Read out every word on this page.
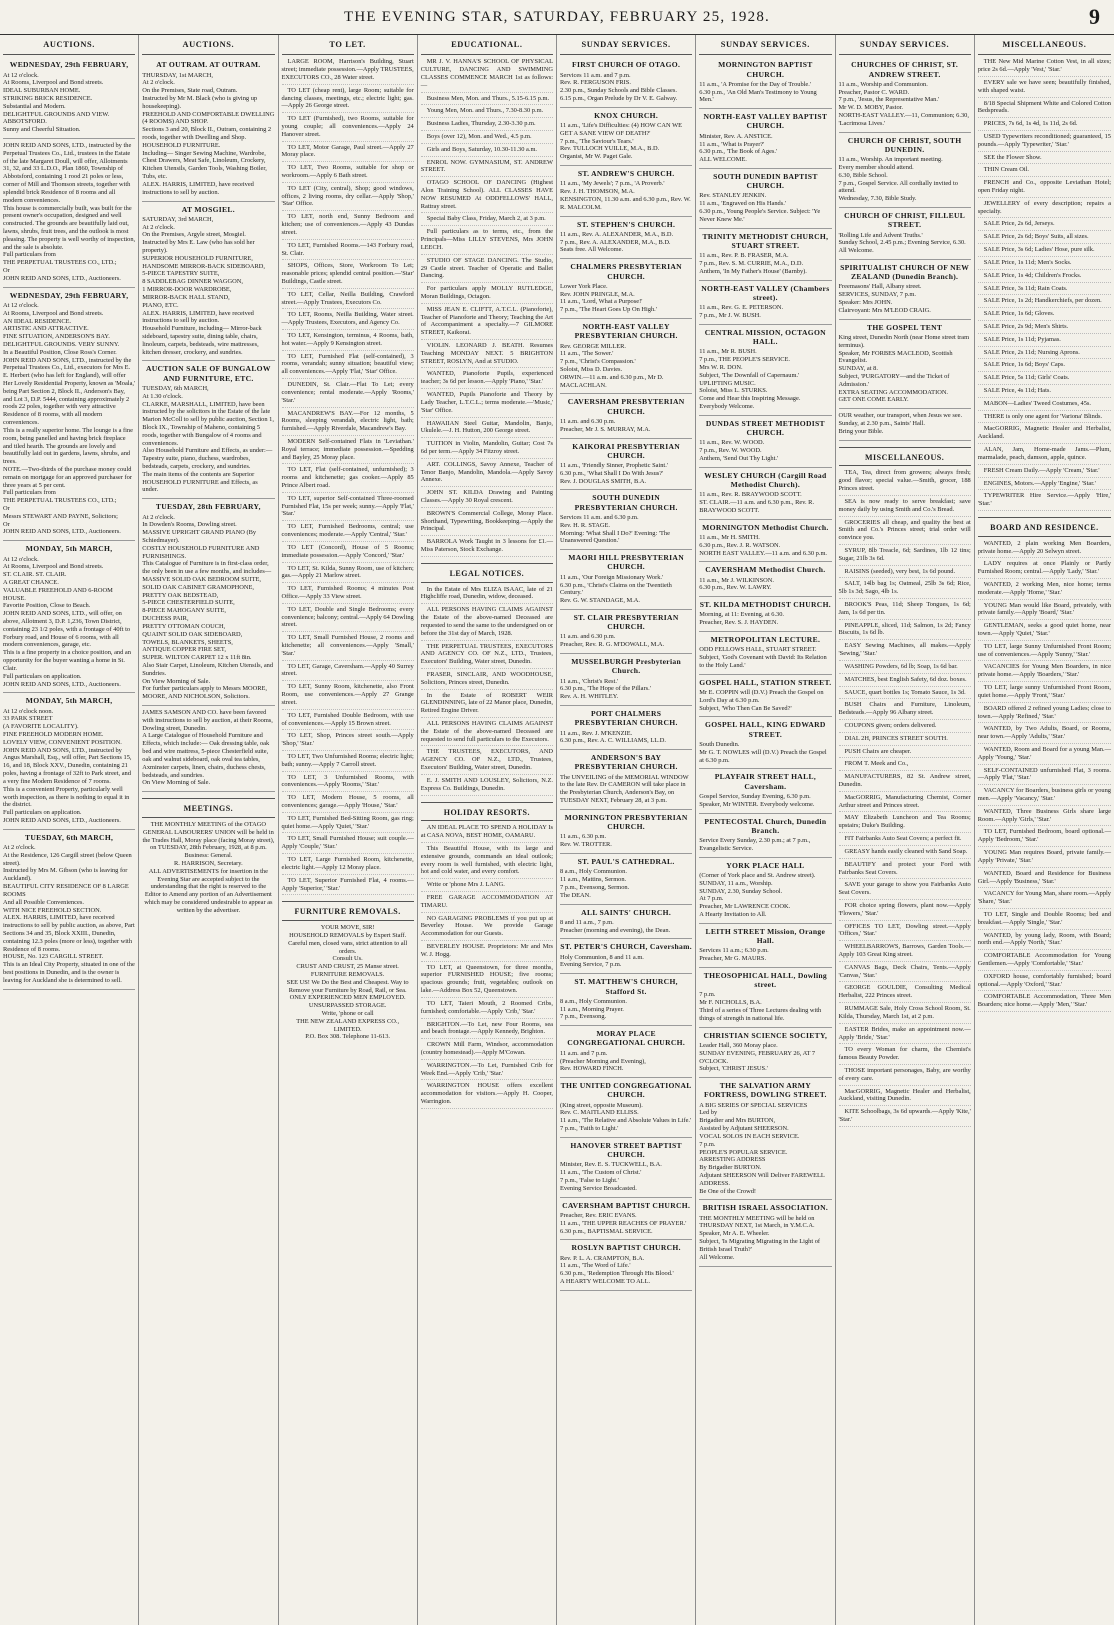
THE EVENING STAR, SATURDAY, FEBRUARY 25, 1928.	9
AUCTIONS.
WEDNESDAY, 29th FEBRUARY,

At 12 o'clock.

At Rooms, Liverpool and Bond streets.

IDEAL SUBURBAN HOME.

STRIKING BRICK RESIDENCE.

Substantial and Modern.

DELIGHTFUL GROUNDS AND VIEW.

ABBOTSFORD.

Sunny and Cheerful Situation.

JOHN REID AND SONS, LTD., instructed by the Perpetual Trustees Co., Ltd., trustees in the Estate of the late Margaret Doull, will offer, Allotments 31, 32, and 33 L.D.O., Plan 1860, Township of Abbotsford, containing 1 rood 21 poles or less, corner of Mill and Thomson streets, together with splendid brick Residence of 8 rooms and all modern conveniences.

This house is commercially built, was built for the present owner's occupation, designed and well constructed. The grounds are beautifully laid out, lawns, shrubs, fruit trees, and the outlook is most pleasing. The property is well worthy of inspection, and the sale is absolute.

Full particulars from

THE PERPETUAL TRUSTEES CO., LTD.;

Or

JOHN REID AND SONS, LTD., Auctioneers.

WEDNESDAY, 29th FEBRUARY,

At 12 o'clock.

At Rooms, Liverpool and Bond streets.

AN IDEAL RESIDENCE.

ARTISTIC AND ATTRACTIVE.

FINE SITUATION, ANDERSON'S BAY.

DELIGHTFUL GROUNDS. VERY SUNNY.

In a Beautiful Position, Close Ross's Corner.

JOHN REID AND SONS, LTD., instructed by the Perpetual Trustees Co., Ltd., executors for Mrs E. E. Herbert (who has left for England), will offer Her Lovely Residential Property, known as 'Moala,' being Part Section 2, Block II., Anderson's Bay, and Lot 3, D.P. 5444, containing approximately 2 roods 22 poles, together with very attractive Residence of 8 rooms, with all modern conveniences.

This is a really superior home. The lounge is a fine room, being panelled and having brick fireplace and tiled hearth. The grounds are lovely and beautifully laid out in gardens, lawns, shrubs, and trees.

NOTE.—Two-thirds of the purchase money could remain on mortgage for an approved purchaser for three years at 5 per cent.

Full particulars from

THE PERPETUAL TRUSTEES CO., LTD.;

Or

Messrs STEWART AND PAYNE, Solicitors;

Or

JOHN REID AND SONS, LTD., Auctioneers.

MONDAY, 5th MARCH,

At 12 o'clock.

At Rooms, Liverpool and Bond streets.

ST. CLAIR. ST. CLAIR.

A GREAT CHANCE.

VALUABLE FREEHOLD AND 6-ROOM HOUSE.

Favorite Position, Close to Beach.

JOHN REID AND SONS, LTD., will offer, on above, Allotment 3, D.P. 1,236, Town District, containing 23 1/2 poles, with a frontage of 40ft to Forbury road, and House of 6 rooms, with all modern conveniences, garage, etc.

This is a fine property in a choice position, and an opportunity for the buyer wanting a home in St. Clair.

Full particulars on application.

JOHN REID AND SONS, LTD., Auctioneers.

MONDAY, 5th MARCH,

At 12 o'clock noon.

33 PARK STREET

(A FAVORITE LOCALITY).

FINE FREEHOLD MODERN HOME.

LOVELY VIEW, CONVENIENT POSITION.

JOHN REID AND SONS, LTD., instructed by Angus Marshall, Esq., will offer, Part Sections 15, 16, and 18, Block XXV., Dunedin, containing 21 poles, having a frontage of 32ft to Park street, and a very fine Modern Residence of 7 rooms.

This is a convenient Property, particularly well worth inspection, as there is nothing to equal it in the district.

Full particulars on application.

JOHN REID AND SONS, LTD., Auctioneers.

TUESDAY, 6th MARCH,

At 2 o'clock.

At the Residence, 126 Cargill street (below Queen street).

Instructed by Mrs M. Gibson (who is leaving for Auckland).

BEAUTIFUL CITY RESIDENCE OF 8 LARGE ROOMS

And all Possible Conveniences.

WITH NICE FREEHOLD SECTION.

ALEX. HARRIS, LIMITED, have received instructions to sell by public auction, as above, Part Sections 34 and 35, Block XXIII., Dunedin, containing 12.3 poles (more or less), together with Residence of 8 rooms.

HOUSE, No. 123 CARGILL STREET.

This is an Ideal City Property, situated in one of the best positions in Dunedin, and is the owner is leaving for Auckland she is determined to sell.

AUCTIONS.
AT OUTRAM. AT OUTRAM.

THURSDAY, 1st MARCH,

At 2 o'clock.

On the Premises, State road, Outram.

Instructed by Mr M. Black (who is giving up housekeeping).

FREEHOLD AND COMFORTABLE DWELLING (4 ROOMS) AND SHOP.

Sections 3 and 20, Block II., Outram, containing 2 roods, together with Dwelling and Shop.

HOUSEHOLD FURNITURE.

Including— Singer Sewing Machine, Wardrobe, Chest Drawers, Meat Safe, Linoleum, Crockery, Kitchen Utensils, Garden Tools, Washing Boiler, Tubs, etc.

ALEX. HARRIS, LIMITED, have received instructions to sell by auction.

AT MOSGIEL.

SATURDAY, 3rd MARCH,

At 2 o'clock.

On the Premises, Argyle street, Mosgiel.

Instructed by Mrs E. Law (who has sold her property).

SUPERIOR HOUSEHOLD FURNITURE,

HANDSOME MIRROR-BACK SIDEBOARD,

5-PIECE TAPESTRY SUITE,

8 SADDLEBAG DINNER WAGGON,

1 MIRROR-DOOR WARDROBE,

MIRROR-BACK HALL STAND,

PIANO, ETC.

ALEX. HARRIS, LIMITED, have received instructions to sell by auction.

Household Furniture, including— Mirror-back sideboard, tapestry suite, dining table, chairs, linoleum, carpets, bedsteads, wire mattresses, kitchen dresser, crockery, and sundries.

AUCTION SALE OF BUNGALOW AND FURNITURE, ETC.

TUESDAY, 6th MARCH,

At 1.30 o'clock.

CLARKE, MARSHALL, LIMITED, have been instructed by the solicitors in the Estate of the late Marion McColl to sell by public auction, Section 1, Block IX., Township of Maheno, containing 5 roods, together with Bungalow of 4 rooms and conveniences.

Also Household Furniture and Effects, as under:— Tapestry suite, piano, duchess, wardrobes, bedsteads, carpets, crockery, and sundries.

The main items of the contents are Superior HOUSEHOLD FURNITURE and Effects, as under.

TUESDAY, 28th FEBRUARY,

At 2 o'clock.

In Dowden's Rooms, Dowling street.

MASSIVE UPRIGHT GRAND PIANO (By Schiedmayer).

COSTLY HOUSEHOLD FURNITURE AND FURNISHINGS.

This Catalogue of Furniture is in first-class order, the only been in use a few months, and includes—

MASSIVE SOLID OAK BEDROOM SUITE,

SOLID OAK CABINET GRAMOPHONE,

PRETTY OAK BEDSTEAD,

5-PIECE CHESTERFIELD SUITE,

8-PIECE MAHOGANY SUITE,

DUCHESS PAIR,

PRETTY OTTOMAN COUCH,

QUAINT SOLID OAK SIDEBOARD,

TOWELS, BLANKETS, SHEETS,

ANTIQUE COPPER FIRE SET,

SUPER. WILTON CARPET 12 x 11ft 8in.

Also Stair Carpet, Linoleum, Kitchen Utensils, and Sundries.

On View Morning of Sale.

For further particulars apply to Messrs MOORE, MOORE, AND NICHOLSON, Solicitors.

JAMES SAMSON AND CO. have been favored with instructions to sell by auction, at their Rooms, Dowling street, Dunedin.

A Large Catalogue of Household Furniture and Effects, which include:— Oak dressing table, oak bed and wire mattress, 5-piece Chesterfield suite, oak and walnut sideboard, oak oval tea tables, Axminster carpets, linen, chairs, duchess chests, bedsteads, and sundries.

On View Morning of Sale.

MEETINGS.

THE MONTHLY MEETING of the OTAGO GENERAL LABOURERS' UNION will be held in the Trades Hall, Moray place (facing Moray street), on TUESDAY, 28th February, 1928, at 8 p.m.

Business: General.

R. HARRISON, Secretary.

ALL ADVERTISEMENTS for insertion in the Evening Star are accepted subject to the understanding that the right is reserved to the Editor to Amend any portion of an Advertisement which may be considered undesirable to appear as written by the advertiser.

TO LET.

LARGE ROOM, Harrison's Building, Stuart street; immediate possession.—Apply TRUSTEES, EXECUTORS CO., 28 Water street.

TO LET (cheap rent), large Room; suitable for dancing classes, meetings, etc.; electric light; gas.—Apply 26 George street.

TO LET (Furnished), two Rooms, suitable for young couple; all conveniences.—Apply 24 Hanover street.

TO LET, Motor Garage, Paul street.—Apply 27 Moray place.

TO LET, Two Rooms, suitable for shop or workroom.—Apply 6 Bath street.

TO LET (City, central), Shop; good windows, offices, 2 living rooms, dry cellar.—Apply 'Shop,' 'Star' Office.

TO LET, north end, Sunny Bedroom and kitchen; use of conveniences.—Apply 43 Dundas street.

TO LET, Furnished Rooms.—143 Forbury road, St. Clair.

SHOPS, Offices, Store, Workroom To Let; reasonable prices; splendid central position.—'Star' Buildings, Castle street.

TO LET, Cellar, Neilla Building, Crawford street.—Apply Trustees, Executors Co.

TO LET, Rooms, Neilla Building, Water street.—Apply Trustees, Executors, and Agency Co.

TO LET, Kensington, terminus, 4 Rooms, bath, hot water.—Apply 9 Kensington street.

TO LET, Furnished Flat (self-contained), 3 rooms, verandah; sunny situation; beautiful view; all conveniences.—Apply 'Flat,' 'Star' Office.

DUNEDIN, St. Clair.—Flat To Let; every convenience; rental moderate.—Apply 'Rooms,' 'Star.'

MACANDREW'S BAY.—For 12 months, 5 Rooms, sleeping verandah, electric light, bath; furnished.—Apply Riverdale, Macandrew's Bay.

MODERN Self-contained Flats in 'Leviathan.' Royal terrace; immediate possession.—Spedding and Bayley, 25 Moray place.

TO LET, Flat (self-contained, unfurnished); 3 rooms and kitchenette; gas cooker.—Apply 85 Prince Albert road.

TO LET, superior Self-contained Three-roomed Furnished Flat, 15s per week; sunny.—Apply 'Flat,' 'Star.'

TO LET, Furnished Bedrooms, central; use conveniences; moderate.—Apply 'Central,' 'Star.'

TO LET (Concord), House of 5 Rooms; immediate possession.—Apply 'Concord,' 'Star.'

TO LET, St. Kilda, Sunny Room, use of kitchen; gas.—Apply 21 Marlow street.

TO LET, Furnished Rooms; 4 minutes Post Office.—Apply 33 View street.

TO LET, Double and Single Bedrooms; every convenience; balcony; central.—Apply 64 Dowling street.

TO LET, Small Furnished House, 2 rooms and kitchenette; all conveniences.—Apply 'Small,' 'Star.'

TO LET, Garage, Caversham.—Apply 40 Surrey street.

TO LET, Sunny Room, kitchenette, also Front Room, use conveniences.—Apply 27 Grange street.

TO LET, Furnished Double Bedroom, with use of conveniences.—Apply 15 Brown street.

TO LET, Shop, Princes street south.—Apply 'Shop,' 'Star.'

TO LET, Two Unfurnished Rooms; electric light; bath; sunny.—Apply 7 Carroll street.

TO LET, 3 Unfurnished Rooms, with conveniences.—Apply 'Rooms,' 'Star.'

TO LET, Modern House, 5 rooms, all conveniences; garage.—Apply 'House,' 'Star.'

TO LET, Furnished Bed-Sitting Room, gas ring; quiet home.—Apply 'Quiet,' 'Star.'

TO LET, Small Furnished House; suit couple.—Apply 'Couple,' 'Star.'

TO LET, Large Furnished Room, kitchenette, electric light.—Apply 12 Moray place.

TO LET, Superior Furnished Flat, 4 rooms.—Apply 'Superior,' 'Star.'

FURNITURE REMOVALS.

YOUR MOVE, SIR!

HOUSEHOLD REMOVALS by Expert Staff. Careful men, closed vans, strict attention to all orders.

Consult Us.

CRUST AND CRUST, 25 Manse street.

FURNITURE REMOVALS.

SEE US! We Do the Best and Cheapest. Way to Remove your Furniture by Road, Rail, or Sea.

ONLY EXPERIENCED MEN EMPLOYED. UNSURPASSED STORAGE.

Write, 'phone or call

THE NEW ZEALAND EXPRESS CO., LIMITED.

P.O. Box 308. Telephone 11-613.

EDUCATIONAL.

MR J. V. HANNA'S SCHOOL OF PHYSICAL CULTURE, DANCING AND SWIMMING CLASSES COMMENCE MARCH 1st as follows:—

Business Men, Mon. and Thurs., 5.15-6.15 p.m.

Young Men, Mon. and Thurs., 7.30-8.30 p.m.

Business Ladies, Thursday, 2.30-3.30 p.m.

Boys (over 12), Mon. and Wed., 4.5 p.m.

Girls and Boys, Saturday, 10.30-11.30 a.m.

ENROL NOW. GYMNASIUM, ST. ANDREW STREET.

OTAGO SCHOOL OF DANCING (Highest Alon Training School). ALL CLASSES HAVE NOW RESUMED At ODDFELLOWS' HALL, Rattray street.

Special Baby Class, Friday, March 2, at 3 p.m.

Full particulars as to terms, etc., from the Principals—Miss LILLY STEVENS, Mrs JOHN LEECH.

STUDIO OF STAGE DANCING. The Studio, 29 Castle street. Teacher of Operatic and Ballet Dancing.

For particulars apply MOLLY RUTLEDGE, Moran Buildings, Octagon.

MISS JEAN E. CLIFTT, A.T.C.L. (Pianoforte), Teacher of Pianoforte and Theory; Teaching the Art of Accompaniment a specialty.—7 GILMORE STREET, Kaikorai.

VIOLIN. LEONARD J. BEATH. Resumes Teaching MONDAY NEXT. 5 BRIGHTON STREET, ROSLYN, And at STUDIO.

WANTED, Pianoforte Pupils, experienced teacher; 3s 6d per lesson.—Apply 'Piano,' 'Star.'

WANTED, Pupils Pianoforte and Theory by Lady Teacher, L.T.C.L.; terms moderate.—'Music,' 'Star' Office.

HAWAIIAN Steel Guitar, Mandolin, Banjo, Ukulele.—J. H. Hutton, 200 George street.

TUITION in Violin, Mandolin, Guitar; Cost 7s 6d per term.—Apply 34 Fitzroy street.

ART. COLLINGS, Savoy Annexe, Teacher of Tenor Banjo, Mandolin, Mandola.—Apply Savoy Annexe.

JOHN ST. KILDA Drawing and Painting Classes.—Apply 30 Royal crescent.

BROWN'S Commercial College, Moray Place. Shorthand, Typewriting, Bookkeeping.—Apply the Principal.

BARROLA Work Taught in 3 lessons for £1.—Miss Paterson, Stock Exchange.

LEGAL NOTICES.

In the Estate of Mrs ELIZA ISAAC, late of 21 Highcliffe road, Dunedin, widow, deceased.

ALL PERSONS HAVING CLAIMS AGAINST the Estate of the above-named Deceased are requested to send the same to the undersigned on or before the 31st day of March, 1928.

THE PERPETUAL TRUSTEES, EXECUTORS AND AGENCY CO. OF N.Z., LTD., Trustees, Executors' Building, Water street, Dunedin.

FRASER, SINCLAIR, AND WOODHOUSE, Solicitors, Princes street, Dunedin.

In the Estate of ROBERT WEIR GLENDINNING, late of 22 Manor place, Dunedin, Retired Engine Driver.

ALL PERSONS HAVING CLAIMS AGAINST the Estate of the above-named Deceased are requested to send full particulars to the Executors.

THE TRUSTEES, EXECUTORS, AND AGENCY CO. OF N.Z., LTD., Trustees, Executors' Building, Water street, Dunedin.

E. J. SMITH AND LOUSLEY, Solicitors, N.Z. Express Co. Buildings, Dunedin.

HOLIDAY RESORTS.

AN IDEAL PLACE TO SPEND A HOLIDAY Is at CASA NOVA, BEST HOME, OAMARU.

This Beautiful House, with its large and extensive grounds, commands an ideal outlook; every room is well furnished, with electric light, hot and cold water, and every comfort.

Write or 'phone Mrs J. LANG.

FREE GARAGE ACCOMMODATION AT TIMARU.

NO GARAGING PROBLEMS if you put up at Beverley House. We provide Garage Accommodation for our Guests.

BEVERLEY HOUSE. Proprietors: Mr and Mrs W. J. Hogg.

TO LET, at Queenstown, for three months, superior FURNISHED HOUSE; five rooms; spacious grounds; fruit, vegetables; outlook on lake.—Address Box 52, Queenstown.

TO LET, Taieri Mouth, 2 Roomed Cribs, furnished; comfortable.—Apply 'Crib,' 'Star.'

BRIGHTON.—To Let, new Four Rooms, sea and beach frontage.—Apply Kennedy, Brighton.

CROWN Mill Farm, Windsor, accommodation (country homestead).—Apply M'Cowan.

WARRINGTON.—To Let, Furnished Crib for Week End.—Apply 'Crib,' 'Star.'

WARRINGTON HOUSE offers excellent accommodation for visitors.—Apply H. Cooper, Warrington.

SUNDAY SERVICES.
FIRST CHURCH OF OTAGO.

Services 11 a.m. and 7 p.m.

Rev. R. FERGUSON FRIS.

2.30 p.m., Sunday Schools and Bible Classes.

6.15 p.m., Organ Prelude by Dr V. E. Galway.

KNOX CHURCH.

11 a.m., 'Life's Difficulties: (4) HOW CAN WE GET A SANE VIEW OF DEATH?'

7 p.m., 'The Saviour's Tears.'

Rev. TULLOCH YUILLE, M.A., B.D.

Organist, Mr W. Paget Gale.

ST. ANDREW'S CHURCH.

11 a.m., 'My Jewels'; 7 p.m., 'A Proverb.'

Rev. J. H. THOMSON, M.A.

KENSINGTON, 11.30 a.m. and 6.30 p.m., Rev. W. R. MALCOLM.

ST. STEPHEN'S CHURCH.

11 a.m., Rev. A. ALEXANDER, M.A., B.D.

7 p.m., Rev. A. ALEXANDER, M.A., B.D.

Seats free. All Welcome.

CHALMERS PRESBYTERIAN CHURCH.

Lower York Place.

Rev. JOHN PRINGLE, M.A.

11 a.m., 'Lord, What a Purpose!'

7 p.m., 'The Heart Goes Up On High.'

NORTH-EAST VALLEY PRESBYTERIAN CHURCH.

Rev. GEORGE MILLER.

11 a.m., 'The Sower.'

7 p.m., 'Christ's Compassion.'

Soloist, Miss D. Davies.

ORWIN.—11 a.m. and 6.30 p.m., Mr D. MACLACHLAN.

CAVERSHAM PRESBYTERIAN CHURCH.

11 a.m. and 6.30 p.m.

Preacher, Mr J. S. MURRAY, M.A.

KAIKORAI PRESBYTERIAN CHURCH.

11 a.m., 'Friendly Sinner, Prophetic Saint.'

6.30 p.m., 'What Shall I Do With Jesus?'

Rev. J. DOUGLAS SMITH, B.A.

SOUTH DUNEDIN PRESBYTERIAN CHURCH.

Services 11 a.m. and 6.30 p.m.

Rev. H. R. STAGE.

Morning: 'What Shall I Do?' Evening: 'The Unanswered Question.'

MAORI HILL PRESBYTERIAN CHURCH.

11 a.m., 'Our Foreign Missionary Work.'

6.30 p.m., 'Christ's Claims on the Twentieth Century.'

Rev. G. W. STANDAGE, M.A.

ST. CLAIR PRESBYTERIAN CHURCH.

11 a.m. and 6.30 p.m.

Preacher, Rev. R. G. M'DOWALL, M.A.

MUSSELBURGH Presbyterian Church.

11 a.m., 'Christ's Rest.'

6.30 p.m., 'The Hope of the Pillars.'

Rev. A. H. WHITLEY.

PORT CHALMERS PRESBYTERIAN CHURCH.

11 a.m., Rev. J. M'KENZIE.

6.30 p.m., Rev. A. C. WILLIAMS, LL.D.

ANDERSON'S BAY PRESBYTERIAN CHURCH.

The UNVEILING of the MEMORIAL WINDOW to the late Rev. Dr CAMERON will take place in the Presbyterian Church, Anderson's Bay, on TUESDAY NEXT, February 28, at 3 p.m.

MORNINGTON PRESBYTERIAN CHURCH.

11 a.m., 6.30 p.m.

Rev. W. TROTTER.

ST. PAUL'S CATHEDRAL.

8 a.m., Holy Communion.

11 a.m., Mattins, Sermon.

7 p.m., Evensong, Sermon.

The DEAN.

ALL SAINTS' CHURCH.

8 and 11 a.m., 7 p.m.

Preacher (morning and evening), the Dean.

ST. PETER'S CHURCH, Caversham.

Holy Communion, 8 and 11 a.m.

Evening Service, 7 p.m.

ST. MATTHEW'S CHURCH, Stafford St.

8 a.m., Holy Communion.

11 a.m., Morning Prayer.

7 p.m., Evensong.

MORAY PLACE CONGREGATIONAL CHURCH.

11 a.m. and 7 p.m.

(Preacher Morning and Evening),

Rev. HOWARD FINCH.

THE UNITED CONGREGATIONAL CHURCH.

(King street, opposite Museum).

Rev. C. MAITLAND ELLISS.

11 a.m., 'The Relative and Absolute Values in Life.'

7 p.m., 'Faith to Light.'

HANOVER STREET BAPTIST CHURCH.

Minister, Rev. E. S. TUCKWELL, B.A.

11 a.m., 'The Custom of Christ.'

7 p.m., 'False to Light.'

Evening Service Broadcasted.

CAVERSHAM BAPTIST CHURCH.

Preacher, Rev. ERIC EVANS.

11 a.m., 'THE UPPER REACHES OF PRAYER.'

6.30 p.m., BAPTISMAL SERVICE.

ROSLYN BAPTIST CHURCH.

Rev. P. L. A. CRAMPTON, B.A.

11 a.m., 'The Word of Life.'

6.30 p.m., 'Redemption Through His Blood.'

A HEARTY WELCOME TO ALL.

SUNDAY SERVICES.
MORNINGTON BAPTIST CHURCH.

11 a.m., 'A Promise for the Day of Trouble.'

6.30 p.m., 'An Old Man's Testimony to Young Men.'

NORTH-EAST VALLEY BAPTIST CHURCH.

Minister, Rev. A. ANSTICE.

11 a.m., 'What is Prayer?'

6.30 p.m., 'The Book of Ages.'

ALL WELCOME.

SOUTH DUNEDIN BAPTIST CHURCH.

Rev. STANLEY JENKIN.

11 a.m., 'Engraved on His Hands.'

6.30 p.m., Young People's Service. Subject: 'Ye Never Knew Me.'

TRINITY METHODIST CHURCH, STUART STREET.

11 a.m., Rev. P. B. FRASER, M.A.

7 p.m., Rev. S. M. CURRIE, M.A., D.D.

Anthem, 'In My Father's House' (Barnby).

NORTH-EAST VALLEY (Chambers street).

11 a.m., Rev. G. E. PETERSON.

7 p.m., Mr J. W. BUSH.

CENTRAL MISSION, OCTAGON HALL.

11 a.m., Mr R. BUSH.

7 p.m., THE PEOPLE'S SERVICE.

Mrs W. R. DON.

Subject, 'The Downfall of Capernaum.'

UPLIFTING MUSIC.

Soloist, Miss L. STURKS.

Come and Hear this Inspiring Message.

Everybody Welcome.

DUNDAS STREET METHODIST CHURCH.

11 a.m., Rev. W. WOOD.

7 p.m., Rev. W. WOOD.

Anthem, 'Send Out Thy Light.'

WESLEY CHURCH (Cargill Road Methodist Church).

11 a.m., Rev. R. BRAYWOOD SCOTT.

ST. CLAIR.—11 a.m. and 6.30 p.m., Rev. R. BRAYWOOD SCOTT.

MORNINGTON Methodist Church.

11 a.m., Mr H. SMITH.

6.30 p.m., Rev. J. R. WATSON.

NORTH EAST VALLEY.—11 a.m. and 6.30 p.m.

CAVERSHAM Methodist Church.

11 a.m., Mr J. WILKINSON.

6.30 p.m., Rev. W. LAWRY.

ST. KILDA METHODIST CHURCH.

Morning, at 11: Evening, at 6.30.

Preacher, Rev. S. J. HAYDEN.

METROPOLITAN LECTURE.

ODD FELLOWS HALL, STUART STREET.

Subject, 'God's Covenant with David: Its Relation to the Holy Land.'

GOSPEL HALL, STATION STREET.

Mr E. COPPIN will (D.V.) Preach the Gospel on Lord's Day at 6.30 p.m.

Subject, 'Who Then Can Be Saved?'

GOSPEL HALL, KING EDWARD STREET.

South Dunedin.

Mr G. T. NOWLES will (D.V.) Preach the Gospel at 6.30 p.m.

PLAYFAIR STREET HALL, Caversham.

Gospel Service, Sunday Evening, 6.30 p.m.

Speaker, Mr WINTER. Everybody welcome.

PENTECOSTAL Church, Dunedin Branch.

Service Every Sunday, 2.30 p.m.; at 7 p.m., Evangelistic Service.

YORK PLACE HALL

(Corner of York place and St. Andrew street).

SUNDAY, 11 a.m., Worship.

SUNDAY, 2.30, Sunday School.

At 7 p.m.

Preacher, Mr LAWRENCE COOK.

A Hearty Invitation to All.

LEITH STREET Mission, Orange Hall.

Services 11 a.m.; 6.30 p.m.

Preacher, Mr G. MAURS.

THEOSOPHICAL HALL, Dowling street.

7 p.m.

Mr F. NICHOLLS, B.A.

Third of a series of Three Lectures dealing with things of strength in national life.

CHRISTIAN SCIENCE SOCIETY,

Leader Hall, 360 Moray place.

SUNDAY EVENING, FEBRUARY 26, AT 7 O'CLOCK.

Subject, 'CHRIST JESUS.'

THE SALVATION ARMY FORTRESS, DOWLING STREET.

A BIG SERIES OF SPECIAL SERVICES

Led by

Brigadier and Mrs BURTON,

Assisted by Adjutant SHEERSON.

VOCAL SOLOS IN EACH SERVICE.

7 p.m.

PEOPLE'S POPULAR SERVICE.

ARRESTING ADDRESS

By Brigadier BURTON.

Adjutant SHEERSON Will Deliver FAREWELL ADDRESS.

Be One of the Crowd!

BRITISH ISRAEL ASSOCIATION.

THE MONTHLY MEETING will be held on THURSDAY NEXT, 1st March, in Y.M.C.A.

Speaker, Mr A. E. Wheeler.

Subject, 'Is Migrating Migrating in the Light of British Israel Truth?'

All Welcome.

SUNDAY SERVICES.
CHURCHES OF CHRIST, ST. ANDREW STREET.

11 a.m., Worship and Communion.

Preacher, Pastor C. WARD.

7 p.m., 'Jesus, the Representative Man.'

Mr W. D. MOBY, Pastor.

NORTH-EAST VALLEY.—11, Communion; 6.30, 'Lacrimosa Lives.'

CHURCH OF CHRIST, SOUTH DUNEDIN.

11 a.m., Worship. An important meeting.

Every member should attend.

6.30, Bible School.

7 p.m., Gospel Service. All cordially invited to attend.

Wednesday, 7.30, Bible Study.

CHURCH OF CHRIST, FILLEUL STREET.

'Rolling Life and Advent Truths.'

Sunday School, 2.45 p.m.; Evening Service, 6.30.

All Welcome.

SPIRITUALIST CHURCH OF NEW ZEALAND (Dunedin Branch).

Freemasons' Hall, Albany street.

SERVICES, SUNDAY, 7 p.m.

Speaker: Mrs JOHN.

Clairvoyant: Mrs M'LEOD CRAIG.

THE GOSPEL TENT

King street, Dunedin North (near Home street tram terminus).

Speaker, Mr FORBES MACLEOD, Scottish Evangelist.

SUNDAY, at 8.

Subject, 'PURGATORY—and the Ticket of Admission.'

EXTRA SEATING ACCOMMODATION.

GET ONE COME EARLY.

OUR weather, our transport, when Jesus we see. Sunday, at 2.30 p.m., Saints' Hall.

Bring your Bible.

MISCELLANEOUS.

TEA, Tea, direct from growers; always fresh; good flavor; special value.—Smith, grocer, 188 Princes street.

SEA is now ready to serve breakfast; save money daily by using Smith and Co.'s Bread.

GROCERIES all cheap, and quality the best at Smith and Co.'s Princes street; trial order will convince you.

SYRUP, 8lb Treacle, 6d; Sardines, 1lb 12 tins; Sugar, 21lb 3s 6d.

RAISINS (seeded), very best, 1s 6d pound.

SALT, 14lb bag 1s; Oatmeal, 25lb 3s 6d; Rice, 5lb 1s 3d; Sago, 4lb 1s.

BROOK'S Peas, 11d; Sheep Tongues, 1s 6d; Jam, 1s 6d per tin.

PINEAPPLE, sliced, 11d; Salmon, 1s 2d; Fancy Biscuits, 1s 6d lb.

EASY Sewing Machines, all makes.—Apply 'Sewing,' 'Star.'

WASHING Powders, 6d lb; Soap, 1s 6d bar.

MATCHES, best English Safety, 6d doz. boxes.

SAUCE, quart bottles 1s; Tomato Sauce, 1s 3d.

BUSH Chairs and Furniture, Linoleum, Bedsteads.—Apply 96 Albany street.

COUPONS given; orders delivered.

DIAL 2H, PRINCES STREET SOUTH.

PUSH Chairs are cheaper.

FROM T. Meek and Co.,

MANUFACTURERS, 82 St. Andrew street, Dunedin.

MacGORRIG, Manufacturing Chemist, Corner Arthur street and Princes street.

MAY Elizabeth Luncheon and Tea Rooms; upstairs; Duke's Building.

FIT Fairbanks Auto Seat Covers; a perfect fit.

GREASY hands easily cleaned with Sand Soap.

BEAUTIFY and protect your Ford with Fairbanks Seat Covers.

SAVE your garage to show you Fairbanks Auto Seat Covers.

FOR choice spring flowers, plant now.—Apply 'Flowers,' 'Star.'

OFFICES TO LET, Dowling street.—Apply 'Offices,' 'Star.'

WHEELBARROWS, Barrows, Garden Tools.—Apply 103 Great King street.

CANVAS Bags, Deck Chairs, Tents.—Apply 'Canvas,' 'Star.'

GEORGE GOULDIE, Consulting Medical Herbalist, 222 Princes street.

RUMMAGE Sale, Holy Cross School Room, St. Kilda, Thursday, March 1st, at 2 p.m.

EASTER Brides, make an appointment now.—Apply 'Bride,' 'Star.'

TO every Woman for charm, the Chemist's famous Beauty Powder.

THOSE important personages, Baby, are worthy of every care.

MacGORRIG, Magnetic Healer and Herbalist, Auckland, visiting Dunedin.

KITE Schoolbags, 3s 6d upwards.—Apply 'Kite,' 'Star.'

MISCELLANEOUS.

THE New Mid Marine Cotton Vest, in all sizes; price 2s 6d.—Apply 'Vest,' 'Star.'

EVERY sale we have seen; beautifully finished, with shaped waist.

8/18 Special Shipment White and Colored Cotton Bedspreads.

PRICES, 7s 6d, 1s 4d, 1s 11d, 2s 6d.

USED Typewriters reconditioned; guaranteed, 15 pounds.—Apply 'Typewriter,' 'Star.'

SEE the Flower Show.

THIN Cream Oil.

FRENCH and Co., opposite Leviathan Hotel; open Friday night.

JEWELLERY of every description; repairs a specialty.

SALE Price, 2s 6d, Jerseys.

SALE Price, 2s 6d; Boys' Suits, all sizes.

SALE Price, 3s 6d; Ladies' Hose, pure silk.

SALE Price, 1s 11d; Men's Socks.

SALE Price, 1s 4d; Children's Frocks.

SALE Price, 3s 11d; Rain Coats.

SALE Price, 1s 2d; Handkerchiefs, per dozen.

SALE Price, 1s 6d; Gloves.

SALE Price, 2s 9d; Men's Shirts.

SALE Price, 1s 11d; Pyjamas.

SALE Price, 2s 11d; Nursing Aprons.

SALE Price, 1s 6d; Boys' Caps.

SALE Price, 5s 11d; Girls' Coats.

SALE Price, 4s 11d; Hats.

MABON—Ladies' Tweed Costumes, 45s.

THERE is only one agent for 'Variona' Blinds.

MacGORRIG, Magnetic Healer and Herbalist, Auckland.

ALAN, Jam, Home-made Jams.—Plum, marmalade, peach, damson, apple, quince.

FRESH Cream Daily.—Apply 'Cream,' 'Star.'

ENGINES, Motors.—Apply 'Engine,' 'Star.'

TYPEWRITER Hire Service.—Apply 'Hire,' 'Star.'

BOARD AND RESIDENCE.

WANTED, 2 plain working Men Boarders, private home.—Apply 20 Selwyn street.

LADY requires at once Plainly or Partly Furnished Room; central.—Apply 'Lady,' 'Star.'

WANTED, 2 working Men, nice home; terms moderate.—Apply 'Home,' 'Star.'

YOUNG Man would like Board, privately, with private family.—Apply 'Board,' 'Star.'

GENTLEMAN, seeks a good quiet home, near town.—Apply 'Quiet,' 'Star.'

TO LET, large Sunny Unfurnished Front Room; use of conveniences.—Apply 'Sunny,' 'Star.'

VACANCIES for Young Men Boarders, in nice private home.—Apply 'Boarders,' 'Star.'

TO LET, large sunny Unfurnished Front Room, quiet home.—Apply 'Front,' 'Star.'

BOARD offered 2 refined young Ladies; close to town.—Apply 'Refined,' 'Star.'

WANTED, by Two Adults, Board, or Rooms, near town.—Apply 'Adults,' 'Star.'

WANTED, Room and Board for a young Man.—Apply 'Young,' 'Star.'

SELF-CONTAINED unfurnished Flat, 3 rooms.—Apply 'Flat,' 'Star.'

VACANCY for Boarders, business girls or young men.—Apply 'Vacancy,' 'Star.'

WANTED, Three Business Girls share large Room.—Apply 'Girls,' 'Star.'

TO LET, Furnished Bedroom, board optional.—Apply 'Bedroom,' 'Star.'

YOUNG Man requires Board, private family.—Apply 'Private,' 'Star.'

WANTED, Board and Residence for Business Girl.—Apply 'Business,' 'Star.'

VACANCY for Young Man, share room.—Apply 'Share,' 'Star.'

TO LET, Single and Double Rooms; bed and breakfast.—Apply 'Single,' 'Star.'

WANTED, by young lady, Room, with Board; north end.—Apply 'North,' 'Star.'

COMFORTABLE Accommodation for Young Gentlemen.—Apply 'Comfortable,' 'Star.'

OXFORD house, comfortably furnished; board optional.—Apply 'Oxford,' 'Star.'

COMFORTABLE Accommodation, Three Men Boarders; nice home.—Apply 'Men,' 'Star.'
